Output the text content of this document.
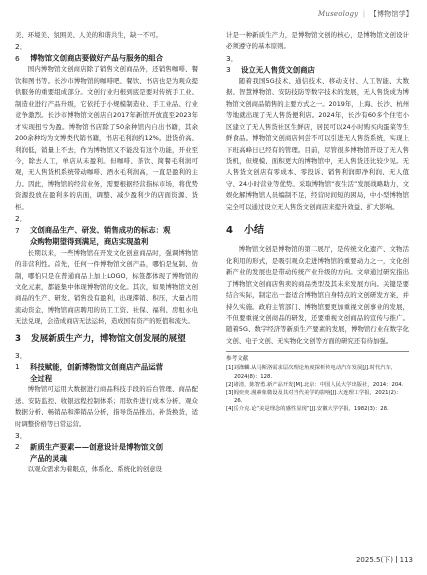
Museology | 【博物馆学】

美、环境美、氛围美、人美的和谐共生，缺一不可。

2．6 博物馆文创商店要做好产品与服务的组合

国内博物馆文创商店除了销售文创商品外，还销售咖啡、餐饮和图书等。长沙市博物馆的咖啡吧、餐饮、书店也是为观众提供服务的重要组成部分。文创行业归根到底是要对传统手工业、制造业进行产品升级，它依托于小规模制造业、手工业品、行业竞争激烈。长沙市博物馆文创店自2017年新馆开放直至2023年才实现扭亏为盈。博物馆书店除了50余种馆内自出书籍，其余200余种均为文博类代销书籍，书店毛利润约12%。进货价高、利润低，销量上不去，作为博物馆又不能没有这个功能，开业至今，除去人工，单店从未盈利。但咖啡、茶饮、简餐毛利润可观，无人售货机系统带动咖啡、酒水毛利润高，一直是盈利的主力。因此，博物馆的经营业务，需要根据经营指标市场，将优势资源投放在盈利多的店面，调整、减少盈利少的店面资源、货柜。

2．7 文创商品生产、研发、销售成功的标志：观
众购物期望得到满足，商店实现盈利

长期以来，一些博物馆在开发文化创意商品时，强调博物馆的非营利性。首先，任何一件博物馆文创产品，哪怕是复制、仿制，哪怕只是在普通商品上加上LOGO，标签都体现了博物馆的文化元素，都能集中体现博物馆的文化。其次，如果博物馆文创商品的生产、研发、销售没有盈利，出现滞销、积压，大量占用流动资金，博物馆商店聘用的员工工资、社保、福利、房租水电无法兑现，会造成商店无法运转，造成国有资产的贬值和流失。

3 发展新质生产力，博物馆文创发展的展望
3．1 科技赋能，创新博物馆文创商店产品运营
全过程

博物馆可运用大数据进行商品科技手段的后台管理、商品配送、安防监控、收银远程控制体系；用软件进行成本分析、观众数据分析、畅销品和滞销品分析，指导货品推出、补货换货，适时调整价格等日常运营。

3．2 新质生产要素——创意设计是博物馆文创
产品的灵魂

以观众需求为着眼点，体系化、系统化的创意设

计是一种新质生产力，是博物馆文创的核心，是博物馆文创设计必须遵守的基本原则。

3．3 设立无人售货文创商店

随着我国5G技术、通信技术、移动支付、人工智能、大数据、智慧博物馆、安防技防等数字技术的发展，无人售货成为博物馆文创商品销售的主要方式之一。2019年，上海、长沙、杭州等地就出现了无人售货便利店。2024年，长沙有60多个住宅小区建立了无人售货社区生鲜店，居民可以24小时购买肉蛋菜等生鲜食品。博物馆文创商店何尝不可以引进无人售货系统，实现上下班高峰日已经有的管理。目前，尽管很多博物馆开设了无人售货机，但规模、面积更大的博物馆中，无人售货还比较少见。无人售货文创店有零成本、零投诉、销售利润即净利润、无人值守、24小时营业等优势。采取博物馆“夜生活”发展战略助力，文娱化解博物馆人员编制不足，经营时间短的困局，中小型博物馆完全可以通过设立无人售货文创商店来提升效益、扩大影响。

4 小结

博物馆文创是博物馆的第二展厅，是传统文化遗产、文物活化利用的形式，是吸引观众走进博物馆的重要动力之一，文化创新产业的发展也是带动传统产业升级的方向。文章通过研究指出了博物馆文创商店售卖的商品类型及其未来发展方向。关键是要结合实际，制定出一套适合博物馆自身特点的文创研发方案，并持久实施。政府主管部门、博物馆要更加重视文创事业的发展，不但要重视文创商品的研发，还要重视文创商品的宣传与推广。随着5G、数字经济等新质生产要素的发展，博物馆行业在数字化文创、电子文创、无实物化文创等方面的研究还有待加强。

参考文献

[1]刘涤麟.从马斯洛需求层次理论角度探析传电动汽车发展[J].时代汽车，2024(8)：128.

[2]诸清，陈智勇.新产品开发[M].北京：中国人民大学出版社，2014：204.

[3]阎奕奕.漫素象微设及其对当代美学的影响[J].大连理工学报，2021(2)：26.

[4]岳介克.论“美是理念的感性显现”[J].安徽大学学报，1982(3)：28.

2025.5(下) 113
